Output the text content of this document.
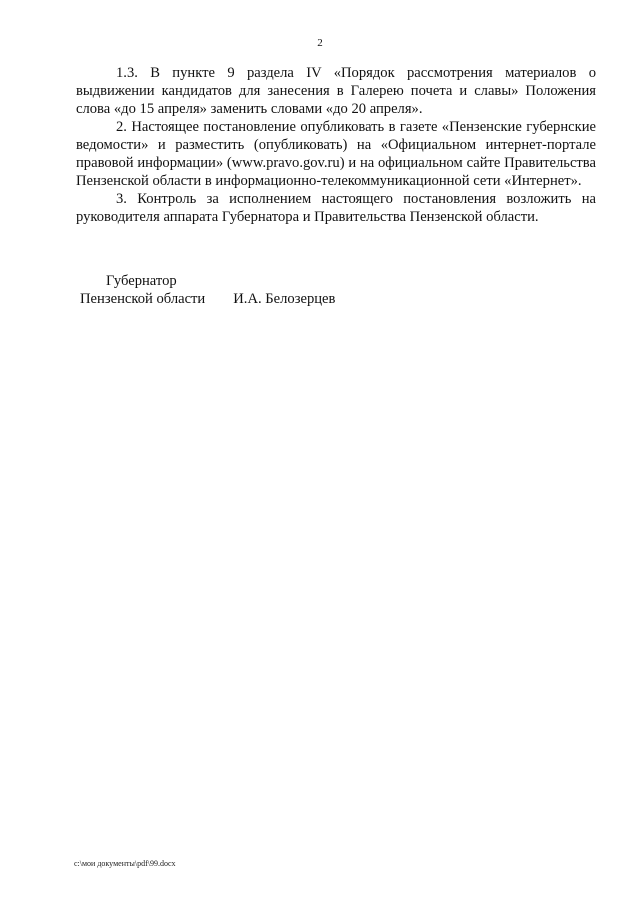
2

1.3. В пункте 9 раздела IV «Порядок рассмотрения материалов о выдвижении кандидатов для занесения в Галерею почета и славы» Положения слова «до 15 апреля» заменить словами «до 20 апреля».

2. Настоящее постановление опубликовать в газете «Пензенские губернские ведомости» и разместить (опубликовать) на «Официальном интернет-портале правовой информации» (www.pravo.gov.ru) и на официальном сайте Правительства Пензенской области в информационно-телекоммуникационной сети «Интернет».

3. Контроль за исполнением настоящего постановления возложить на руководителя аппарата Губернатора и Правительства Пензенской области.

Губернатор
Пензенской области И.А. Белозерцев
c:\мои документы\pdf\99.docx
